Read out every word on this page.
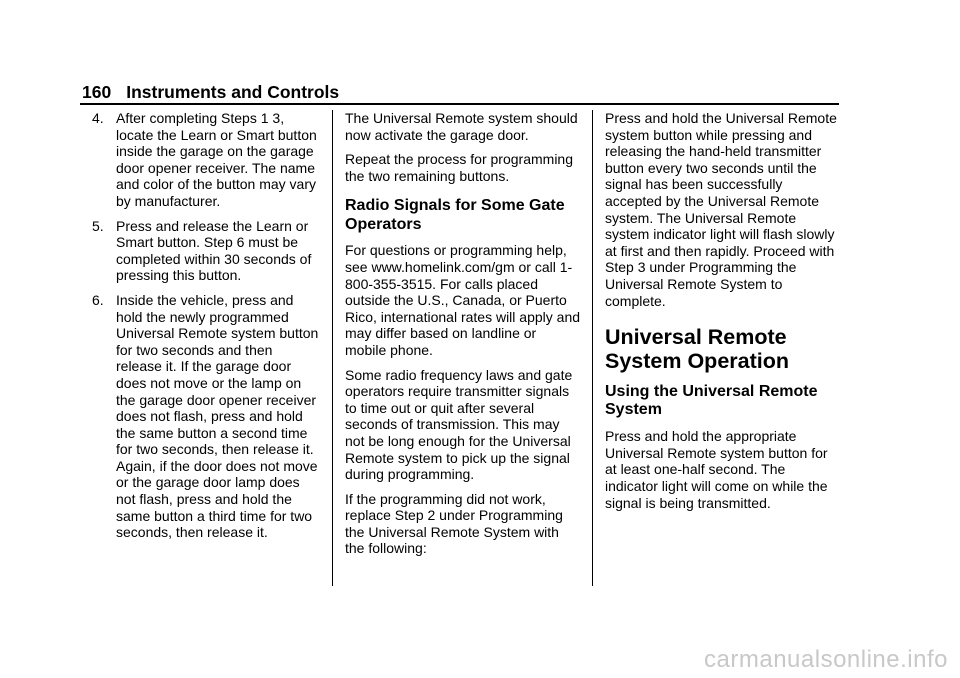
160 Instruments and Controls
4. After completing Steps 1 3, locate the Learn or Smart button inside the garage on the garage door opener receiver. The name and color of the button may vary by manufacturer.
5. Press and release the Learn or Smart button. Step 6 must be completed within 30 seconds of pressing this button.
6. Inside the vehicle, press and hold the newly programmed Universal Remote system button for two seconds and then release it. If the garage door does not move or the lamp on the garage door opener receiver does not flash, press and hold the same button a second time for two seconds, then release it. Again, if the door does not move or the garage door lamp does not flash, press and hold the same button a third time for two seconds, then release it.

The Universal Remote system should now activate the garage door.

Repeat the process for programming the two remaining buttons.

Radio Signals for Some Gate Operators

For questions or programming help, see www.homelink.com/gm or call 1-800-355-3515. For calls placed outside the U.S., Canada, or Puerto Rico, international rates will apply and may differ based on landline or mobile phone.

Some radio frequency laws and gate operators require transmitter signals to time out or quit after several seconds of transmission. This may not be long enough for the Universal Remote system to pick up the signal during programming.

If the programming did not work, replace Step 2 under Programming the Universal Remote System with the following:

Press and hold the Universal Remote system button while pressing and releasing the hand-held transmitter button every two seconds until the signal has been successfully accepted by the Universal Remote system. The Universal Remote system indicator light will flash slowly at first and then rapidly. Proceed with Step 3 under Programming the Universal Remote System to complete.

Universal Remote System Operation
Using the Universal Remote System

Press and hold the appropriate Universal Remote system button for at least one-half second. The indicator light will come on while the signal is being transmitted.

carmanualsonline.info
